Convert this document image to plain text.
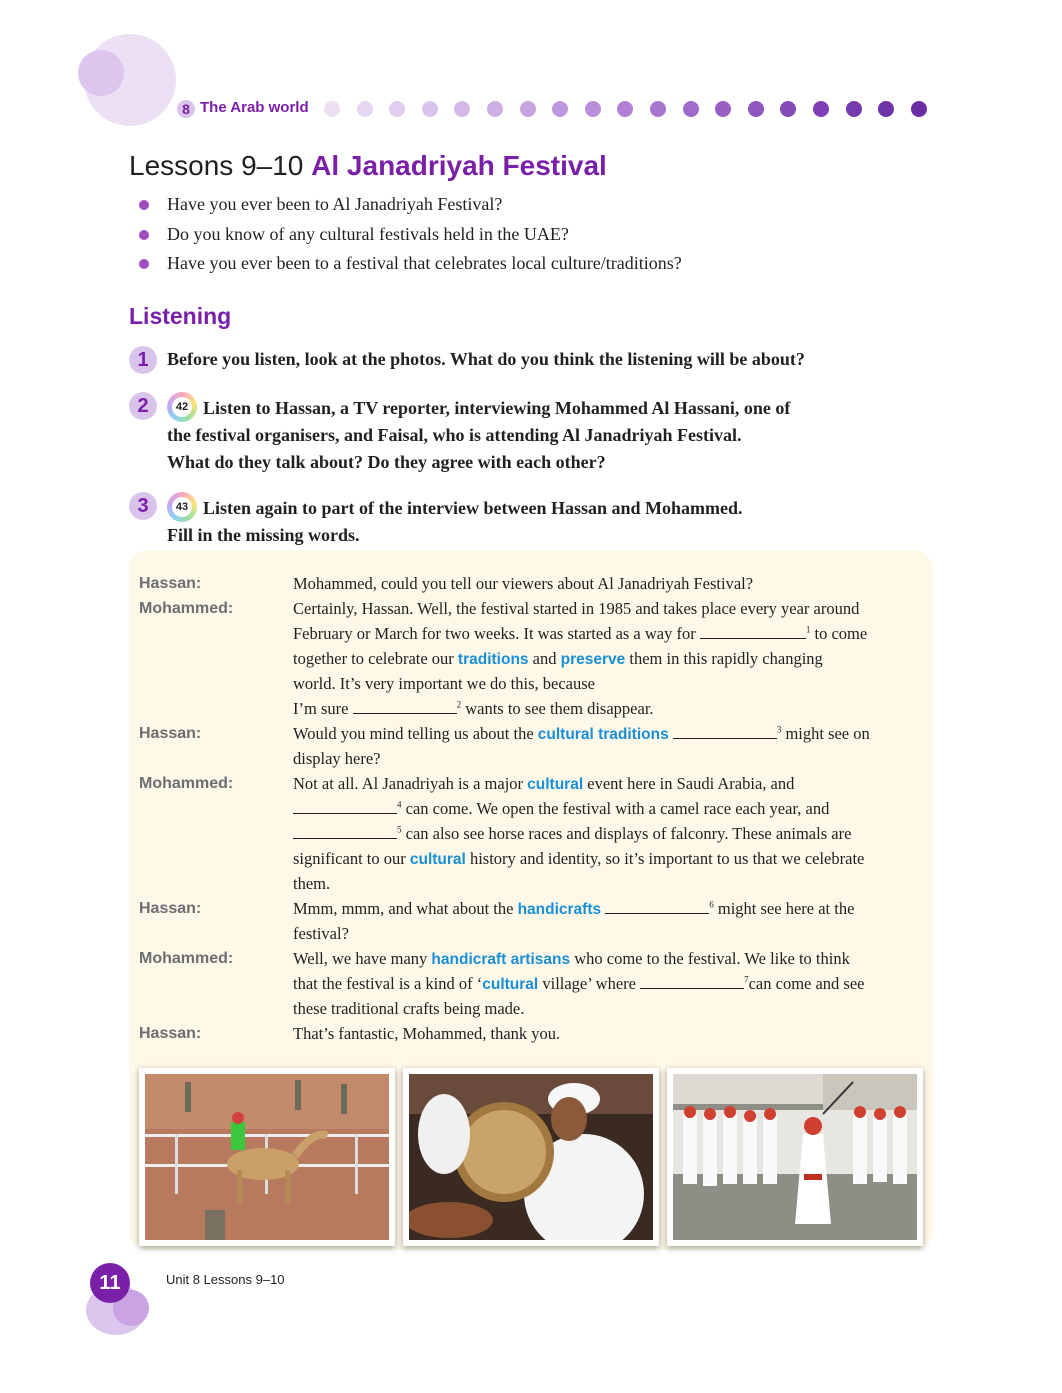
8 The Arab world
Lessons 9–10 Al Janadriyah Festival
Have you ever been to Al Janadriyah Festival?
Do you know of any cultural festivals held in the UAE?
Have you ever been to a festival that celebrates local culture/traditions?
Listening
1	Before you listen, look at the photos. What do you think the listening will be about?
2	42 Listen to Hassan, a TV reporter, interviewing Mohammed Al Hassani, one of
the festival organisers, and Faisal, who is attending Al Janadriyah Festival.
What do they talk about? Do they agree with each other?
3	43 Listen again to part of the interview between Hassan and Mohammed.
Fill in the missing words.
Hassan:	Mohammed, could you tell our viewers about Al Janadriyah Festival?
Mohammed:	Certainly, Hassan. Well, the festival started in 1985 and takes place every year around
February or March for two weeks. It was started as a way for	$^1$ to come
together to celebrate our traditions and preserve them in this rapidly changing
world. It’s very important we do this, because
I’m sure	$^2$ wants to see them disappear.
Hassan:	Would you mind telling us about the cultural traditions	$^3$ might see on
display here?
Mohammed:	Not at all. Al Janadriyah is a major cultural event here in Saudi Arabia, and
$^4$ can come. We open the festival with a camel race each year, and
$^5$ can also see horse races and displays of falconry. These animals are
significant to our cultural history and identity, so it’s important to us that we celebrate
them.
Hassan:	Mmm, mmm, and what about the handicrafts	$^6$ might see here at the
festival?
Mohammed:	Well, we have many handicraft artisans who come to the festival. We like to think
that the festival is a kind of ‘cultural village’ where	$^7$can come and see
these traditional crafts being made.
Hassan:	That’s fantastic, Mohammed, thank you.
11	Unit 8 Lessons 9–10
